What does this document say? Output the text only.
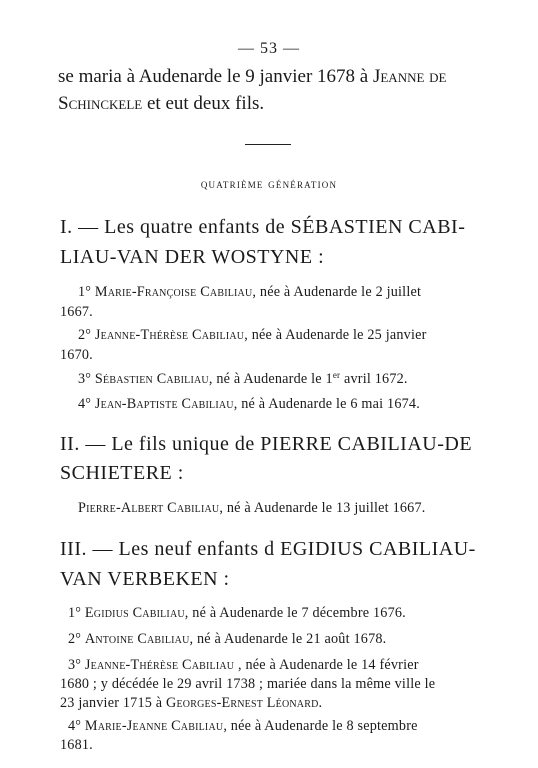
— 53 —
se maria à Audenarde le 9 janvier 1678 à Jeanne de
Schinckele et eut deux fils.
quatrième génération
I. — Les quatre enfants de SÉBASTIEN CABI-
LIAU-VAN DER WOSTYNE :
1° Marie-Françoise Cabiliau, née à Audenarde le 2 juillet
1667.
2° Jeanne-Thérèse Cabiliau, née à Audenarde le 25 janvier
1670.
3° Sébastien Cabiliau, né à Audenarde le 1er avril 1672.
4° Jean-Baptiste Cabiliau, né à Audenarde le 6 mai 1674.
II. — Le fils unique de PIERRE CABILIAU-DE
SCHIETERE :
Pierre-Albert Cabiliau, né à Audenarde le 13 juillet 1667.
III. — Les neuf enfants d EGIDIUS CABILIAU-
VAN VERBEKEN :
1° Egidius Cabiliau, né à Audenarde le 7 décembre 1676.
2° Antoine Cabiliau, né à Audenarde le 21 août 1678.
3° Jeanne-Thérèse Cabiliau , née à Audenarde le 14 février
1680 ; y décédée le 29 avril 1738 ; mariée dans la même ville le
23 janvier 1715 à Georges-Ernest Léonard.
4° Marie-Jeanne Cabiliau, née à Audenarde le 8 septembre
1681.
